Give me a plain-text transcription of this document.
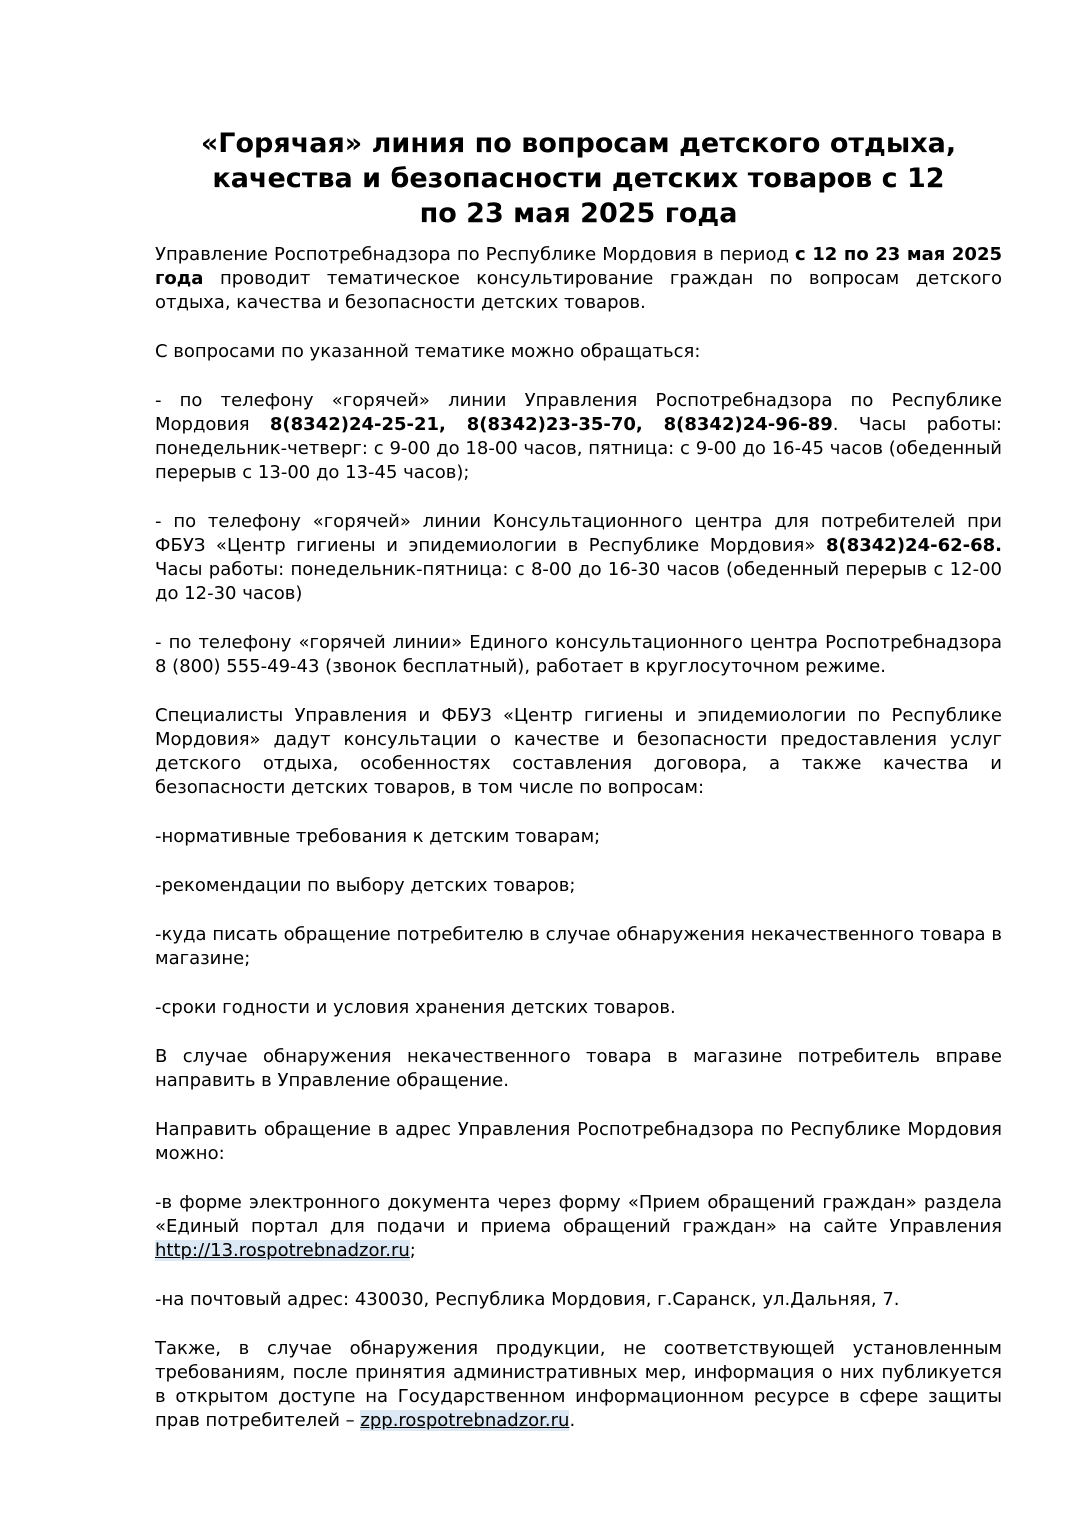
«Горячая» линия по вопросам детского отдыха,
качества и безопасности детских товаров с 12
по 23 мая 2025 года

Управление Роспотребнадзора по Республике Мордовия в период с 12 по 23 мая 2025 года проводит тематическое консультирование граждан по вопросам детского отдыха, качества и безопасности детских товаров.

С вопросами по указанной тематике можно обращаться:

- по телефону «горячей» линии Управления Роспотребнадзора по Республике Мордовия 8(8342)24-25-21, 8(8342)23-35-70, 8(8342)24-96-89. Часы работы: понедельник-четверг: с 9-00 до 18-00 часов, пятница: с 9-00 до 16-45 часов (обеденный перерыв с 13-00 до 13-45 часов);

- по телефону «горячей» линии Консультационного центра для потребителей при ФБУЗ «Центр гигиены и эпидемиологии в Республике Мордовия» 8(8342)24-62-68. Часы работы: понедельник-пятница: с 8-00 до 16-30 часов (обеденный перерыв с 12-00 до 12-30 часов)

- по телефону «горячей линии» Единого консультационного центра Роспотребнадзора 8 (800) 555-49-43 (звонок бесплатный), работает в круглосуточном режиме.

Специалисты Управления и ФБУЗ «Центр гигиены и эпидемиологии по Республике Мордовия» дадут консультации о качестве и безопасности предоставления услуг детского отдыха, особенностях составления договора, а также качества и безопасности детских товаров, в том числе по вопросам:

-нормативные требования к детским товарам;

-рекомендации по выбору детских товаров;

-куда писать обращение потребителю в случае обнаружения некачественного товара в магазине;

-сроки годности и условия хранения детских товаров.

В случае обнаружения некачественного товара в магазине потребитель вправе направить в Управление обращение.

Направить обращение в адрес Управления Роспотребнадзора по Республике Мордовия можно:

-в форме электронного документа через форму «Прием обращений граждан» раздела «Единый портал для подачи и приема обращений граждан» на сайте Управления http://13.rospotrebnadzor.ru;

-на почтовый адрес: 430030, Республика Мордовия, г.Саранск, ул.Дальняя, 7.

Также, в случае обнаружения продукции, не соответствующей установленным требованиям, после принятия административных мер, информация о них публикуется в открытом доступе на Государственном информационном ресурсе в сфере защиты прав потребителей – zpp.rospotrebnadzor.ru.
